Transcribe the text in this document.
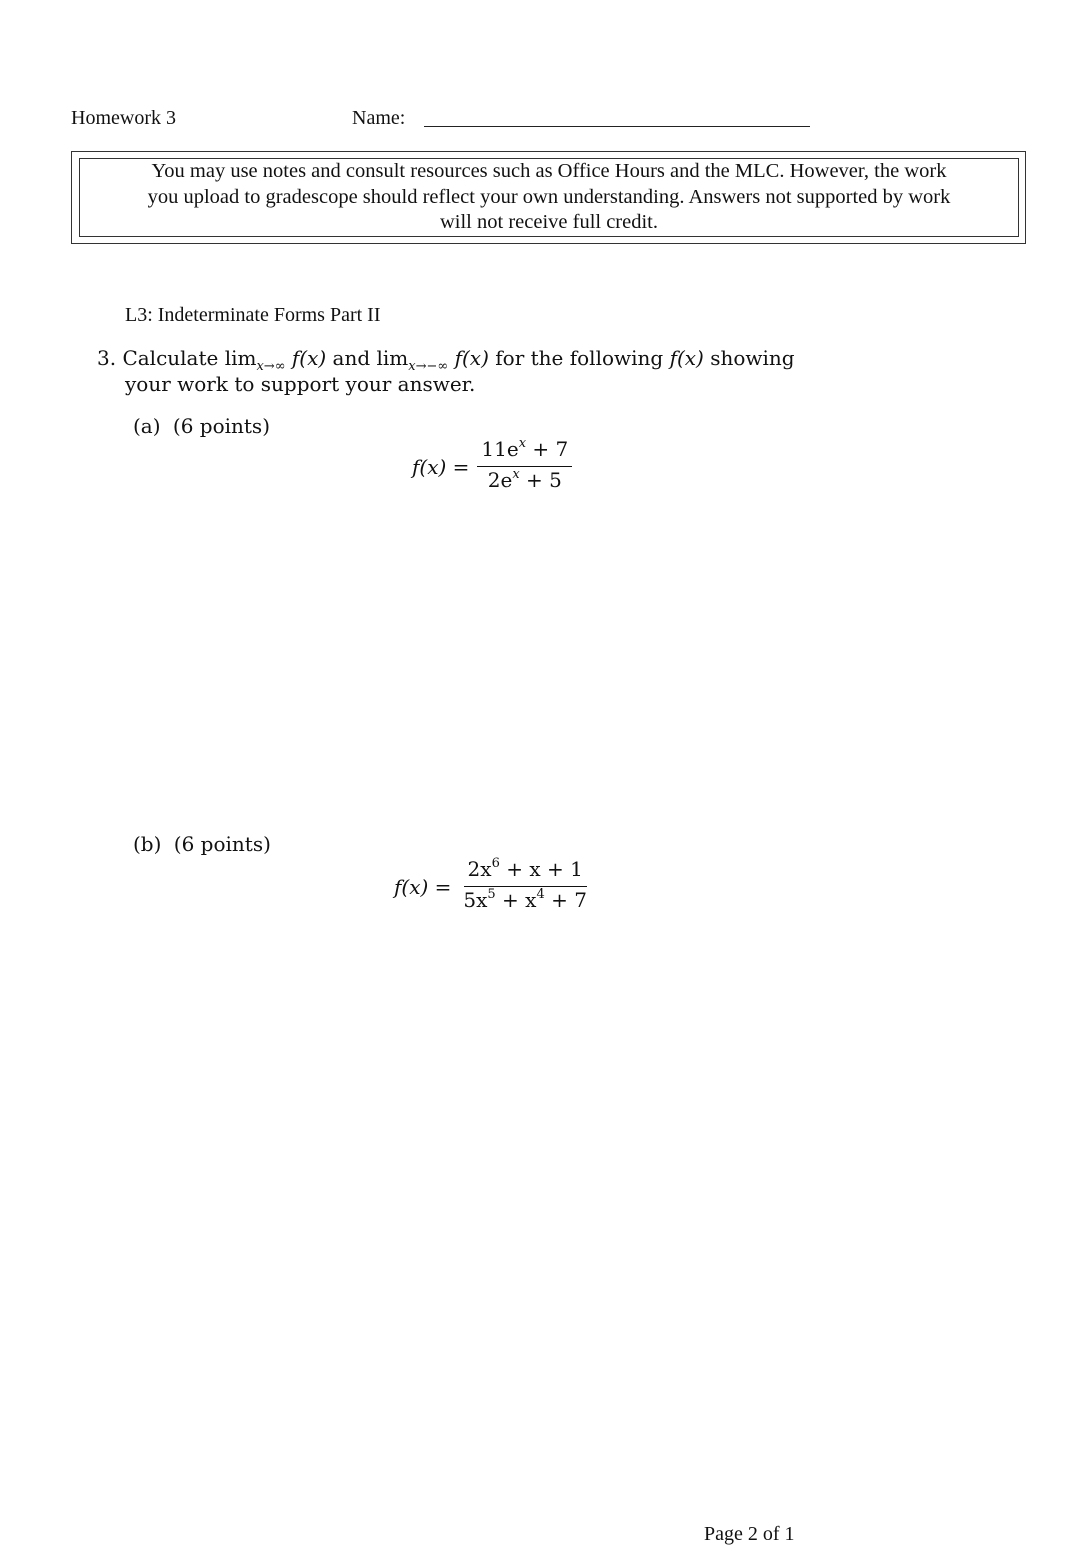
Homework 3	Name:
You may use notes and consult resources such as Office Hours and the MLC. However, the work
you upload to gradescope should reflect your own understanding. Answers not supported by work
will not receive full credit.
L3: Indeterminate Forms Part II
3. Calculate $\lim_{x\to\infty} f(x)$ and $\lim_{x\to-\infty} f(x)$ for the following f(x) showing
your work to support your answer.
(a) (6 points)
$f(x) = \frac{11e^x + 7}{2e^x + 5}$
(b) (6 points)
$f(x) = \frac{2x^6 + x + 1}{5x^5 + x^4 + 7}$
Page 2 of 1
